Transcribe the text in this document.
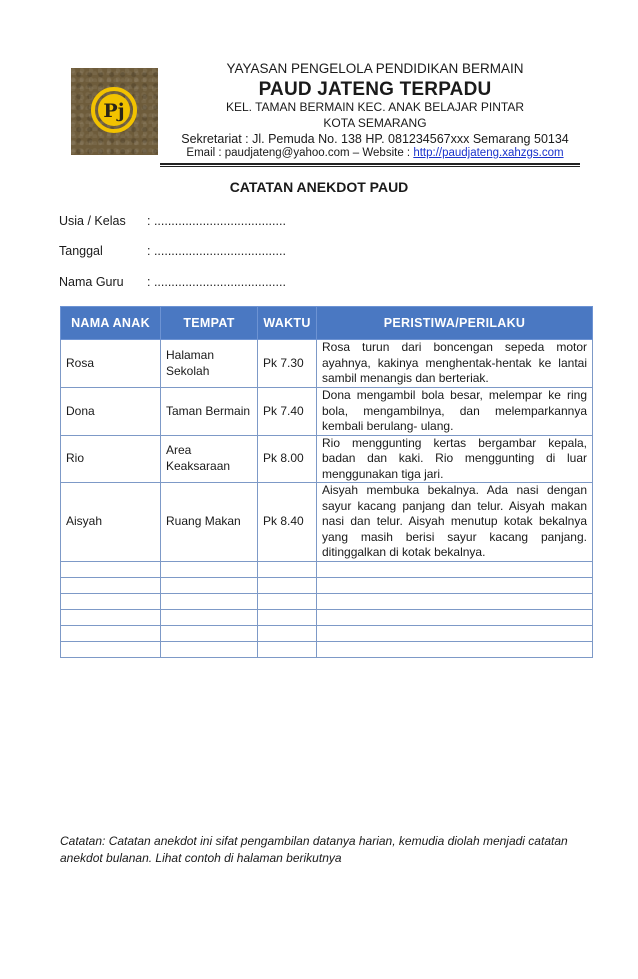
Pj
YAYASAN PENGELOLA PENDIDIKAN BERMAIN
PAUD JATENG TERPADU
KEL. TAMAN BERMAIN KEC. ANAK BELAJAR PINTAR
KOTA SEMARANG
Sekretariat : Jl. Pemuda No. 138 HP. 081234567xxx Semarang 50134
Email : paudjateng@yahoo.com – Website : http://paudjateng.xahzgs.com
CATATAN ANEKDOT PAUD
Usia / Kelas : ......................................
Tanggal	: ......................................
Nama Guru : ......................................
NAMA ANAK	TEMPAT	WAKTU	PERISTIWA/PERILAKU
Rosa	Halaman Sekolah	Pk 7.30	Rosa turun dari boncengan sepeda motor ayahnya, kakinya menghentak-hentak ke lantai sambil menangis dan berteriak.
Dona	Taman Bermain	Pk 7.40	Dona mengambil bola besar, melempar ke ring bola, mengambilnya, dan melemparkannya kembali berulang- ulang.
Rio	Area Keaksaraan	Pk 8.00	Rio menggunting kertas bergambar kepala, badan dan kaki. Rio menggunting di luar menggunakan tiga jari.
Aisyah	Ruang Makan	Pk 8.40	Aisyah membuka bekalnya. Ada nasi dengan sayur kacang panjang dan telur. Aisyah makan nasi dan telur. Aisyah menutup kotak bekalnya yang masih berisi sayur kacang panjang. ditinggalkan di kotak bekalnya.

Catatan: Catatan anekdot ini sifat pengambilan datanya harian, kemudia diolah menjadi catatan anekdot bulanan. Lihat contoh di halaman berikutnya
